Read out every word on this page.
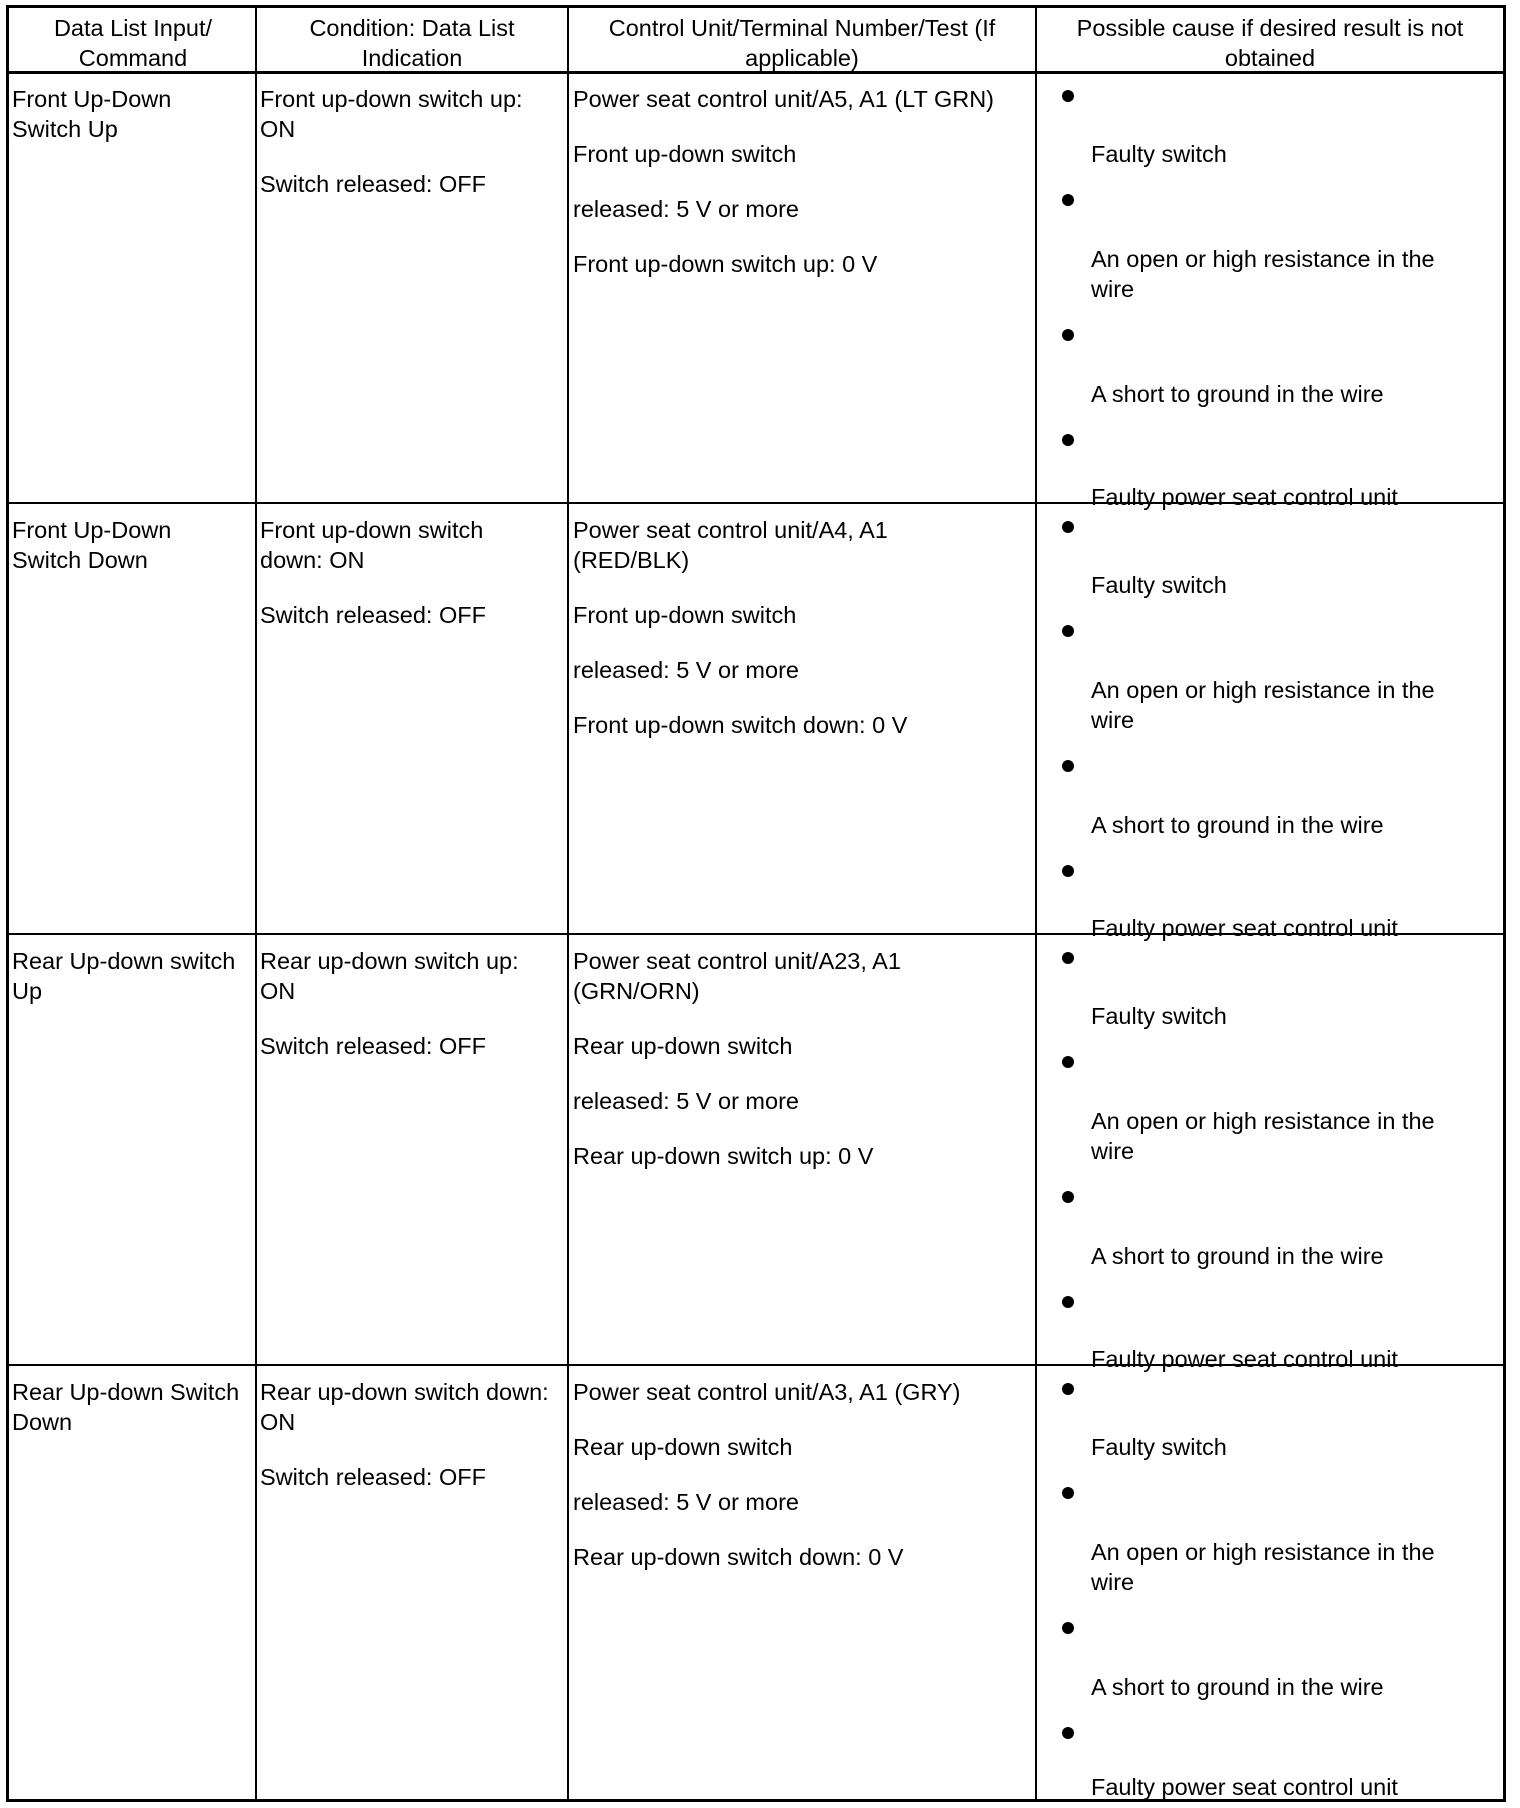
Data List Input/ Command
Condition: Data List Indication
Control Unit/Terminal Number/Test (If applicable)
Possible cause if desired result is not obtained
Front Up-Down
Switch Up
Front up-down switch up:
ON
Switch released: OFF
Power seat control unit/A5, A1 (LT GRN)
Front up-down switch
released: 5 V or more
Front up-down switch up: 0 V
Faulty switch
An open or high resistance in the
wire
A short to ground in the wire
Faulty power seat control unit
Front Up-Down
Switch Down
Front up-down switch
down: ON
Switch released: OFF
Power seat control unit/A4, A1
(RED/BLK)
Front up-down switch
released: 5 V or more
Front up-down switch down: 0 V
Faulty switch
An open or high resistance in the
wire
A short to ground in the wire
Faulty power seat control unit
Rear Up-down switch
Up
Rear up-down switch up:
ON
Switch released: OFF
Power seat control unit/A23, A1
(GRN/ORN)
Rear up-down switch
released: 5 V or more
Rear up-down switch up: 0 V
Faulty switch
An open or high resistance in the
wire
A short to ground in the wire
Faulty power seat control unit
Rear Up-down Switch
Down
Rear up-down switch down:
ON
Switch released: OFF
Power seat control unit/A3, A1 (GRY)
Rear up-down switch
released: 5 V or more
Rear up-down switch down: 0 V
Faulty switch
An open or high resistance in the
wire
A short to ground in the wire
Faulty power seat control unit
